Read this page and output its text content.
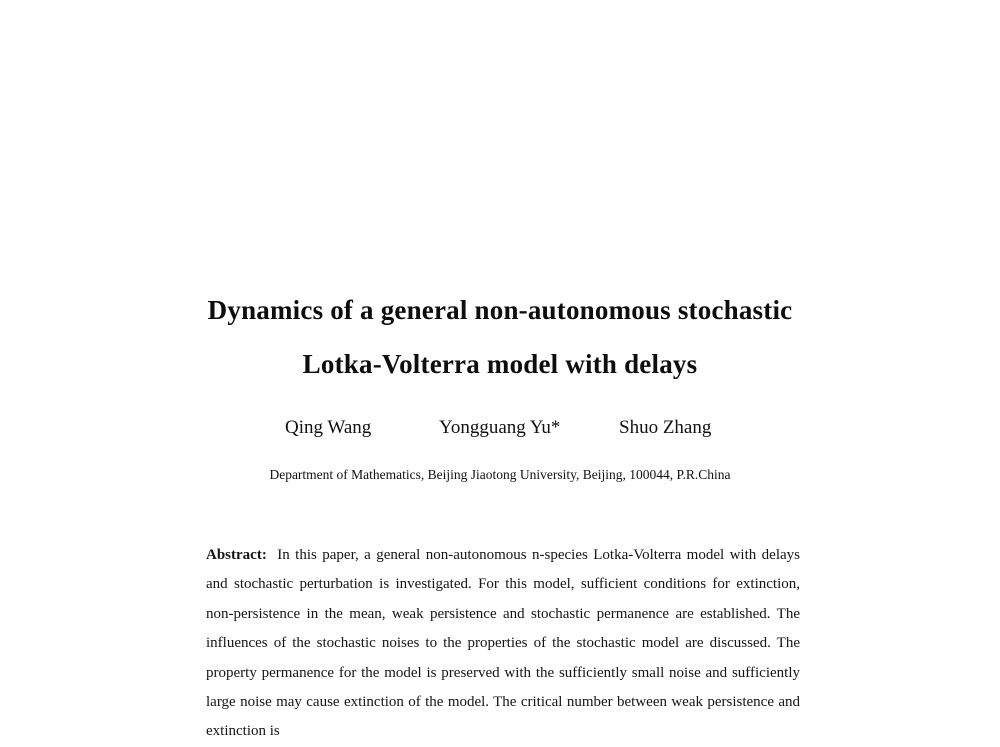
Dynamics of a general non-autonomous stochastic
Lotka-Volterra model with delays
Qing Wang	Yongguang Yu*	Shuo Zhang
Department of Mathematics, Beijing Jiaotong University, Beijing, 100044, P.R.China
Abstract: In this paper, a general non-autonomous n-species Lotka-Volterra model with delays and stochastic perturbation is investigated. For this model, sufficient conditions for extinction, non-persistence in the mean, weak persistence and stochastic permanence are established. The influences of the stochastic noises to the properties of the stochastic model are discussed. The property permanence for the model is preserved with the sufficiently small noise and sufficiently large noise may cause extinction of the model. The critical number between weak persistence and extinction is
